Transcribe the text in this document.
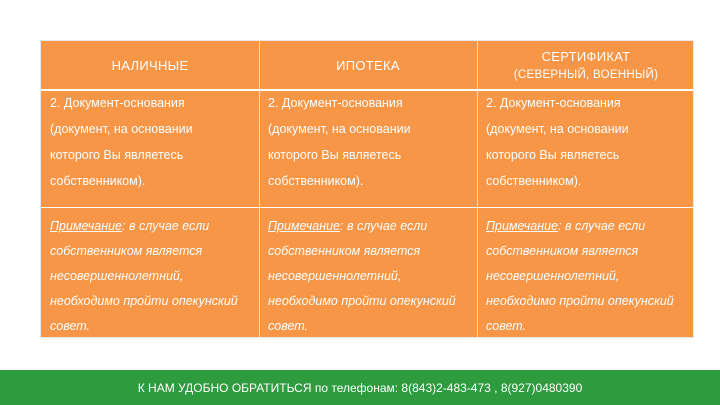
НАЛИЧНЫЕ	ИПОТЕКА
СЕРТИФИКАТ
(СЕВЕРНЫЙ, ВОЕННЫЙ)
2. Документ-основания
(документ, на основании
которого Вы являетесь
собственником).
2. Документ-основания
(документ, на основании
которого Вы являетесь
собственником).
2. Документ-основания
(документ, на основании
которого Вы являетесь
собственником).
Примечание: в случае если
собственником является
несовершеннолетний,
необходимо пройти опекунский
совет.
Примечание: в случае если
собственником является
несовершеннолетний,
необходимо пройти опекунский
совет.
Примечание: в случае если
собственником является
несовершеннолетний,
необходимо пройти опекунский
совет.
К НАМ УДОБНО ОБРАТИТЬСЯ по телефонам: 8(843)2-483-473 , 8(927)0480390
